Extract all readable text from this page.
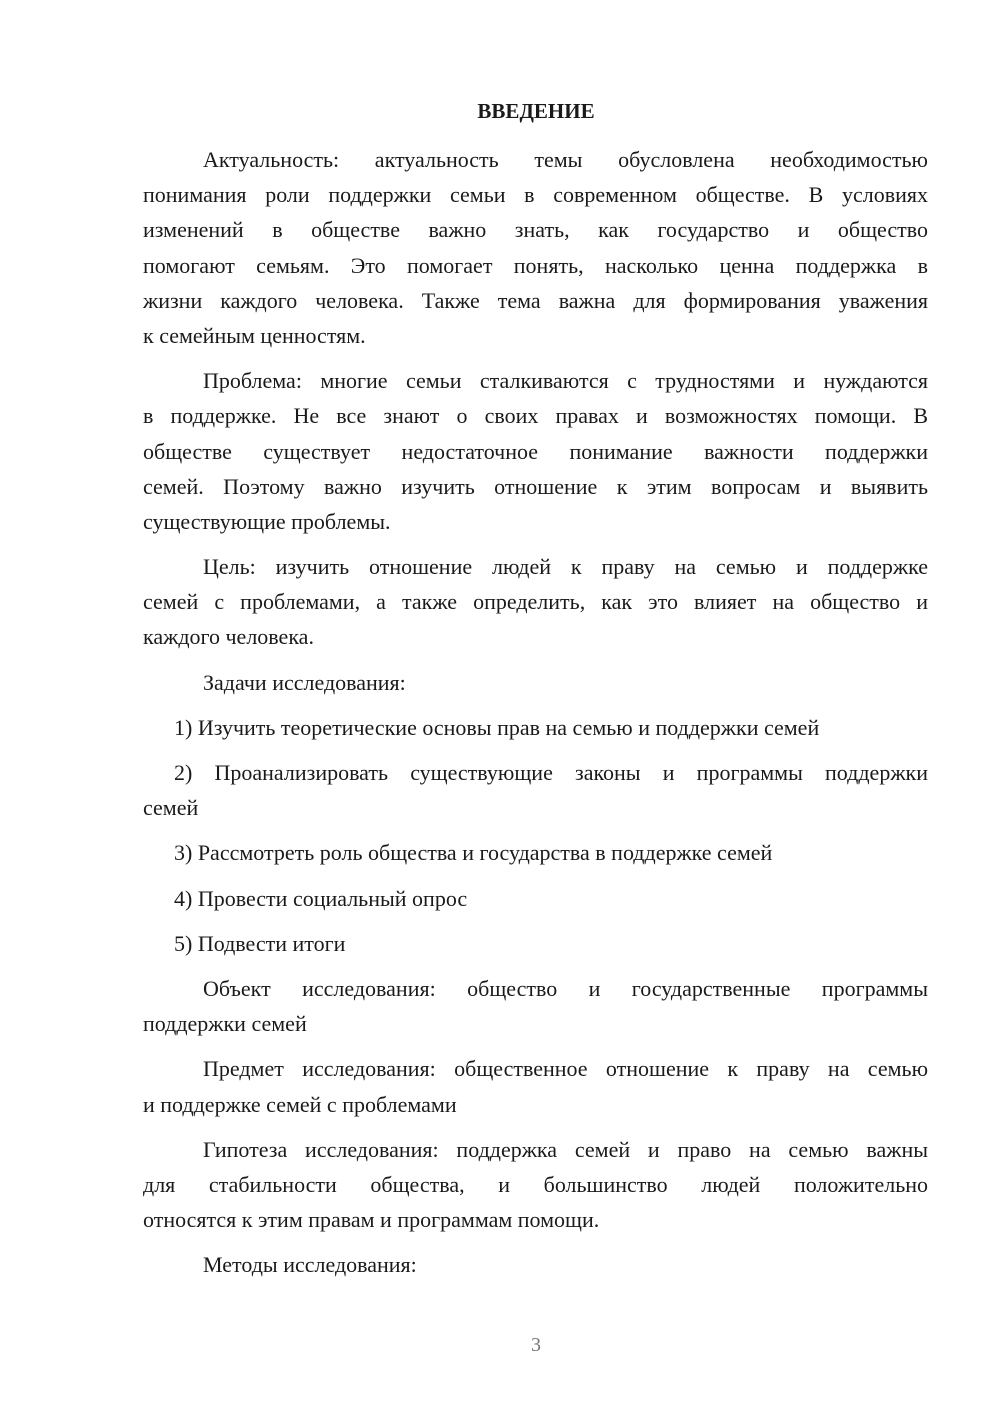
ВВЕДЕНИЕ
Актуальность: актуальность темы обусловлена необходимостью
понимания роли поддержки семьи в современном обществе. В условиях
изменений в обществе важно знать, как государство и общество
помогают семьям. Это помогает понять, насколько ценна поддержка в
жизни каждого человека. Также тема важна для формирования уважения
к семейным ценностям.
Проблема: многие семьи сталкиваются с трудностями и нуждаются
в поддержке. Не все знают о своих правах и возможностях помощи. В
обществе существует недостаточное понимание важности поддержки
семей. Поэтому важно изучить отношение к этим вопросам и выявить
существующие проблемы.
Цель: изучить отношение людей к праву на семью и поддержке
семей с проблемами, а также определить, как это влияет на общество и
каждого человека.
Задачи исследования:
1) Изучить теоретические основы прав на семью и поддержки семей
2) Проанализировать существующие законы и программы поддержки
семей
3) Рассмотреть роль общества и государства в поддержке семей
4) Провести социальный опрос
5) Подвести итоги
Объект исследования: общество и государственные программы
поддержки семей
Предмет исследования: общественное отношение к праву на семью
и поддержке семей с проблемами
Гипотеза исследования: поддержка семей и право на семью важны
для стабильности общества, и большинство людей положительно
относятся к этим правам и программам помощи.
Методы исследования:
3
